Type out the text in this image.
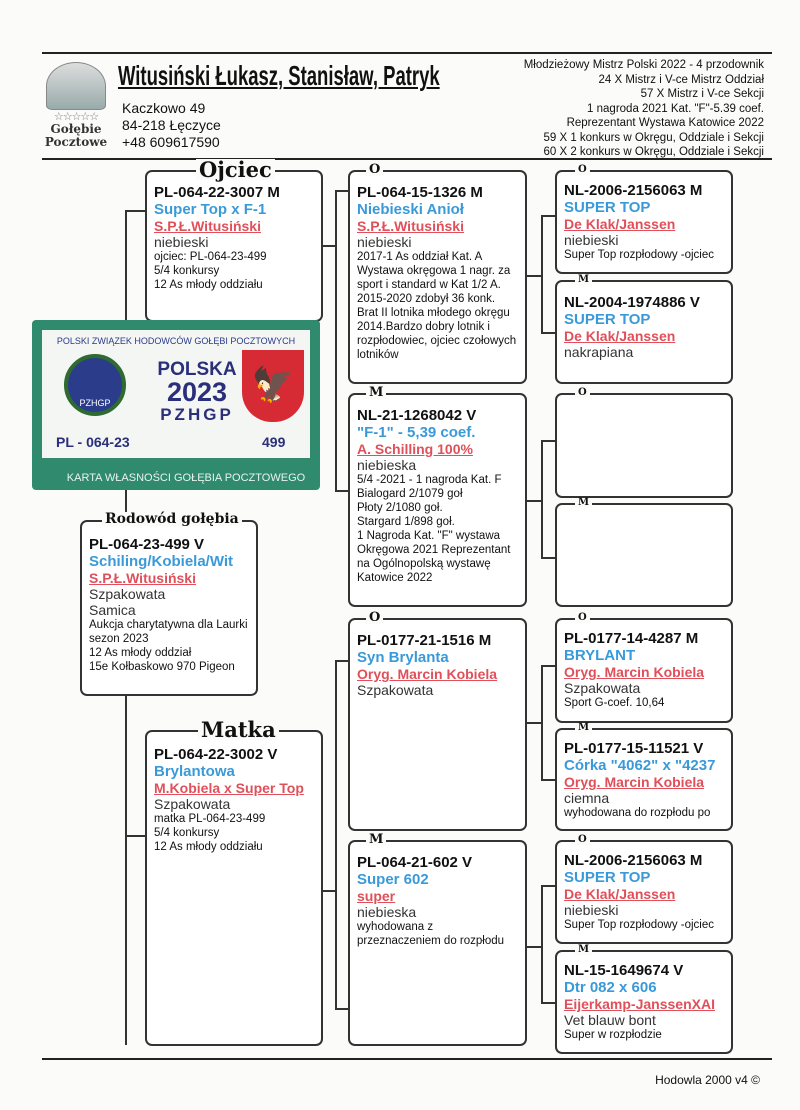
☆☆☆☆☆
Gołębie
Pocztowe
Witusiński Łukasz, Stanisław, Patryk
Kaczkowo 49
84-218 Łęczyce
+48 609617590
Młodzieżowy Mistrz Polski 2022 - 4 przodownik
24 X Mistrz i V-ce Mistrz Oddział
57 X Mistrz i V-ce Sekcji
1 nagroda 2021 Kat. "F"-5.39 coef.
Reprezentant Wystawa Katowice 2022
59 X 1 konkurs w Okręgu, Oddziale i Sekcji
60 X 2 konkurs w Okręgu, Oddziale i Sekcji
PL-064-22-3007 M
Super Top x F-1
S.P.Ł.Witusiński
niebieski
ojciec: PL-064-23-499
5/4 konkursy
12 As młody oddziału
Ojciec
PL-064-23-499 V
Schiling/Kobiela/Wit
S.P.Ł.Witusiński
Szpakowata
Samica
Aukcja charytatywna dla Laurki
sezon 2023
12 As młody oddział
15e Kołbaskowo 970 Pigeon
Rodowód gołębia
PL-064-22-3002 V
Brylantowa
M.Kobiela x Super Top
Szpakowata
matka PL-064-23-499
5/4 konkursy
12 As młody oddziału
Matka
POLSKI ZWIĄZEK HODOWCÓW GOŁĘBI POCZTOWYCH
PZHGP
POLSKA
2023
PZHGP
🦅
PL - 064-23	499
KARTA WŁASNOŚCI GOŁĘBIA POCZTOWEGO
PL-064-15-1326 M
Niebieski Anioł
S.P.Ł.Witusiński
niebieski
2017-1 As oddział Kat. A
Wystawa okręgowa 1 nagr. za sport i standard w Kat 1/2 A.
2015-2020 zdobył 36 konk.
Brat II lotnika młodego okręgu 2014.Bardzo dobry lotnik i rozpłodowiec, ojciec czołowych lotników
O
NL-21-1268042 V
"F-1" - 5,39 coef.
A. Schilling 100%
niebieska
5/4 -2021 - 1 nagroda Kat. F
Bialogard 2/1079 goł
Płoty 2/1080 goł.
Stargard 1/898 goł.
1 Nagroda Kat. "F" wystawa Okręgowa 2021 Reprezentant na Ogólnopolską wystawę Katowice 2022
M
PL-0177-21-1516 M
Syn Brylanta
Oryg. Marcin Kobiela
Szpakowata
O
PL-064-21-602 V
Super 602
super
niebieska
wyhodowana z
przeznaczeniem do rozpłodu
M
NL-2006-2156063 M
SUPER TOP
De Klak/Janssen
niebieski
Super Top rozpłodowy -ojciec
O
NL-2004-1974886 V
SUPER TOP
De Klak/Janssen
nakrapiana
M
O
M
PL-0177-14-4287 M
BRYLANT
Oryg. Marcin Kobiela
Szpakowata
Sport G-coef. 10,64
O
PL-0177-15-11521 V
Córka "4062" x "4237
Oryg. Marcin Kobiela
ciemna
wyhodowana do rozpłodu po
M
NL-2006-2156063 M
SUPER TOP
De Klak/Janssen
niebieski
Super Top rozpłodowy -ojciec
O
NL-15-1649674 V
Dtr 082 x 606
Eijerkamp-JanssenXAI
Vet blauw bont
Super w rozpłodzie
M
Hodowla 2000 v4 ©
